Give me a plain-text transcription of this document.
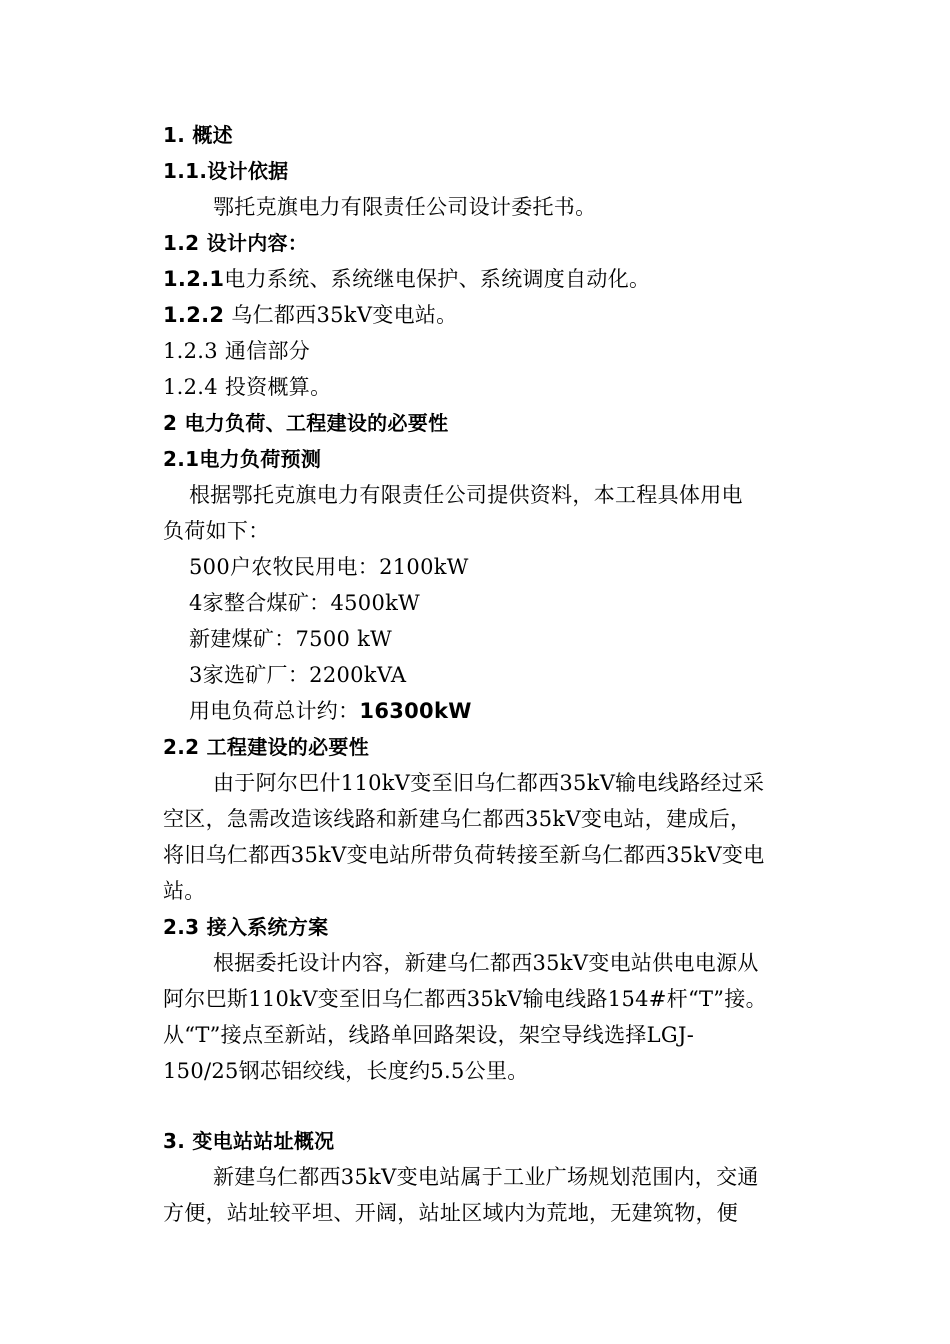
1. 概述
1.1.设计依据
鄂托克旗电力有限责任公司设计委托书。
1.2 设计内容：
1.2.1电力系统、系统继电保护、系统调度自动化。
1.2.2 乌仁都西35kV变电站。
1.2.3 通信部分
1.2.4 投资概算。
2 电力负荷、工程建设的必要性
2.1电力负荷预测
根据鄂托克旗电力有限责任公司提供资料，本工程具体用电
负荷如下：
500户农牧民用电：2100kW
4家整合煤矿：4500kW
新建煤矿：7500 kW
3家选矿厂：2200kVA
用电负荷总计约：16300kW
2.2 工程建设的必要性
由于阿尔巴什110kV变至旧乌仁都西35kV输电线路经过采
空区，急需改造该线路和新建乌仁都西35kV变电站，建成后，
将旧乌仁都西35kV变电站所带负荷转接至新乌仁都西35kV变电
站。
2.3 接入系统方案
根据委托设计内容，新建乌仁都西35kV变电站供电电源从
阿尔巴斯110kV变至旧乌仁都西35kV输电线路154#杆“T”接。
从“T”接点至新站，线路单回路架设，架空导线选择LGJ-
150/25钢芯铝绞线，长度约5.5公里。
3. 变电站站址概况
新建乌仁都西35kV变电站属于工业广场规划范围内，交通
方便，站址较平坦、开阔，站址区域内为荒地，无建筑物，便
